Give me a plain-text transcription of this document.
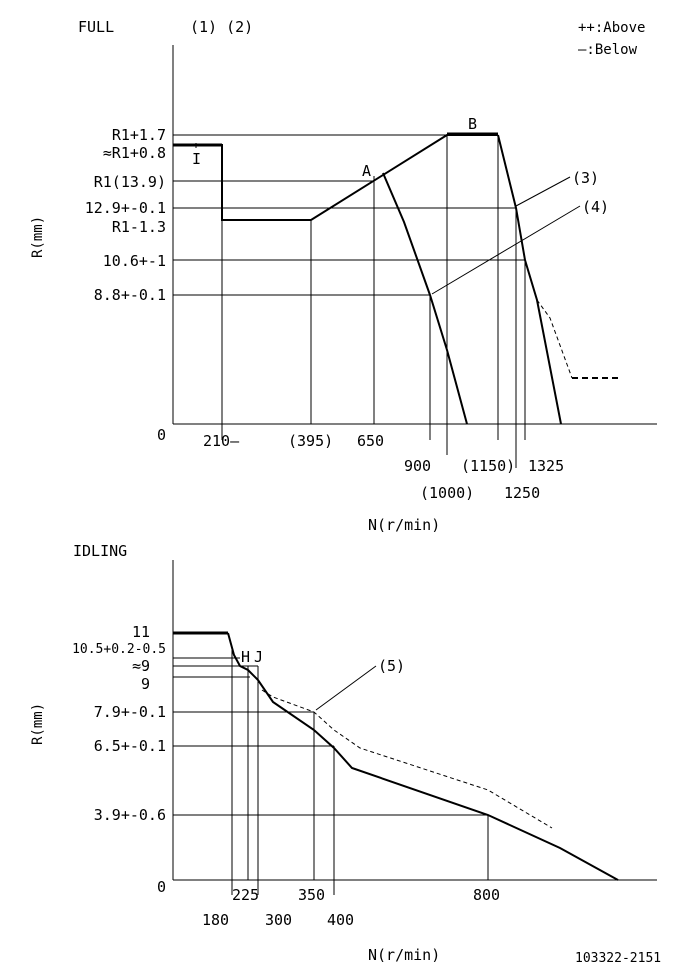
FULL	(1) (2)	++:Above
—:Below
R(mm)
N(r/min)
(3)
(4)
I
A
B
R1+1.7
≈R1+0.8
R1(13.9)
12.9+-0.1
R1-1.3
10.6+-1
8.8+-0.1
0 210—	(395) 650
900
(1000)
(1150)
1250
1325
IDLING
R(mm)
N(r/min)
(5)
H J
11
10.5+0.2-0.5
≈9
9
7.9+-0.1
6.5+-0.1
3.9+-0.6
0
180
225
300
350
400
800
103322-2151
